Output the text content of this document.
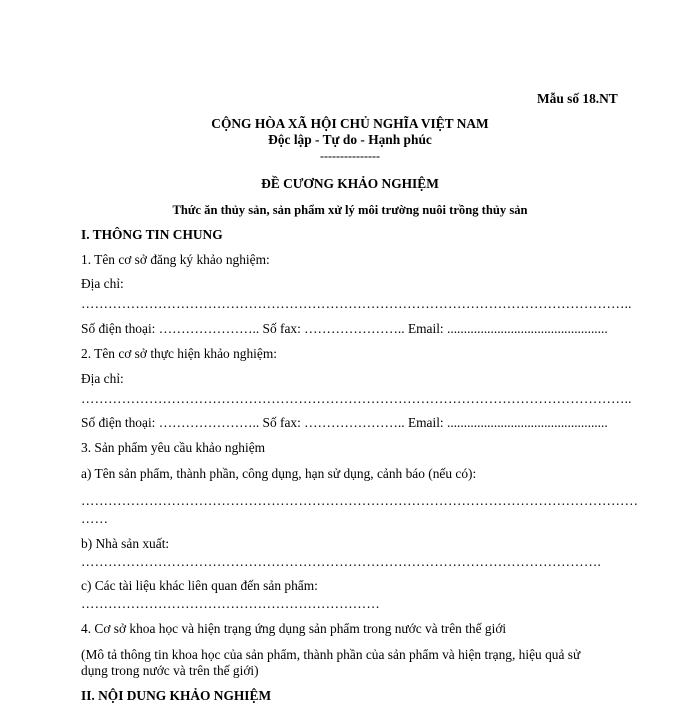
Mẫu số 18.NT
CỘNG HÒA XÃ HỘI CHỦ NGHĨA VIỆT NAM
Độc lập - Tự do - Hạnh phúc
---------------
ĐỀ CƯƠNG KHẢO NGHIỆM
Thức ăn thủy sản, sản phẩm xử lý môi trường nuôi trồng thủy sản
I. THÔNG TIN CHUNG
1. Tên cơ sở đăng ký khảo nghiệm:
Địa chỉ:
…………………………………………………………………………………………………………..
Số điện thoại: ………………….. Số fax: ………………….. Email: ................................................
2. Tên cơ sở thực hiện khảo nghiệm:
Địa chỉ:
…………………………………………………………………………………………………………..
Số điện thoại: ………………….. Số fax: ………………….. Email: ................................................
3. Sản phẩm yêu cầu khảo nghiệm
a) Tên sản phẩm, thành phần, công dụng, hạn sử dụng, cảnh báo (nếu có):
……………………………………………………………………………………………………………
……
b) Nhà sản xuất:
…………………………………………………………………………………………………….
c) Các tài liệu khác liên quan đến sản phẩm:
…………………………………………………………
4. Cơ sở khoa học và hiện trạng ứng dụng sản phẩm trong nước và trên thế giới
(Mô tả thông tin khoa học của sản phẩm, thành phần của sản phẩm và hiện trạng, hiệu quả sử
dụng trong nước và trên thế giới)
II. NỘI DUNG KHẢO NGHIỆM
